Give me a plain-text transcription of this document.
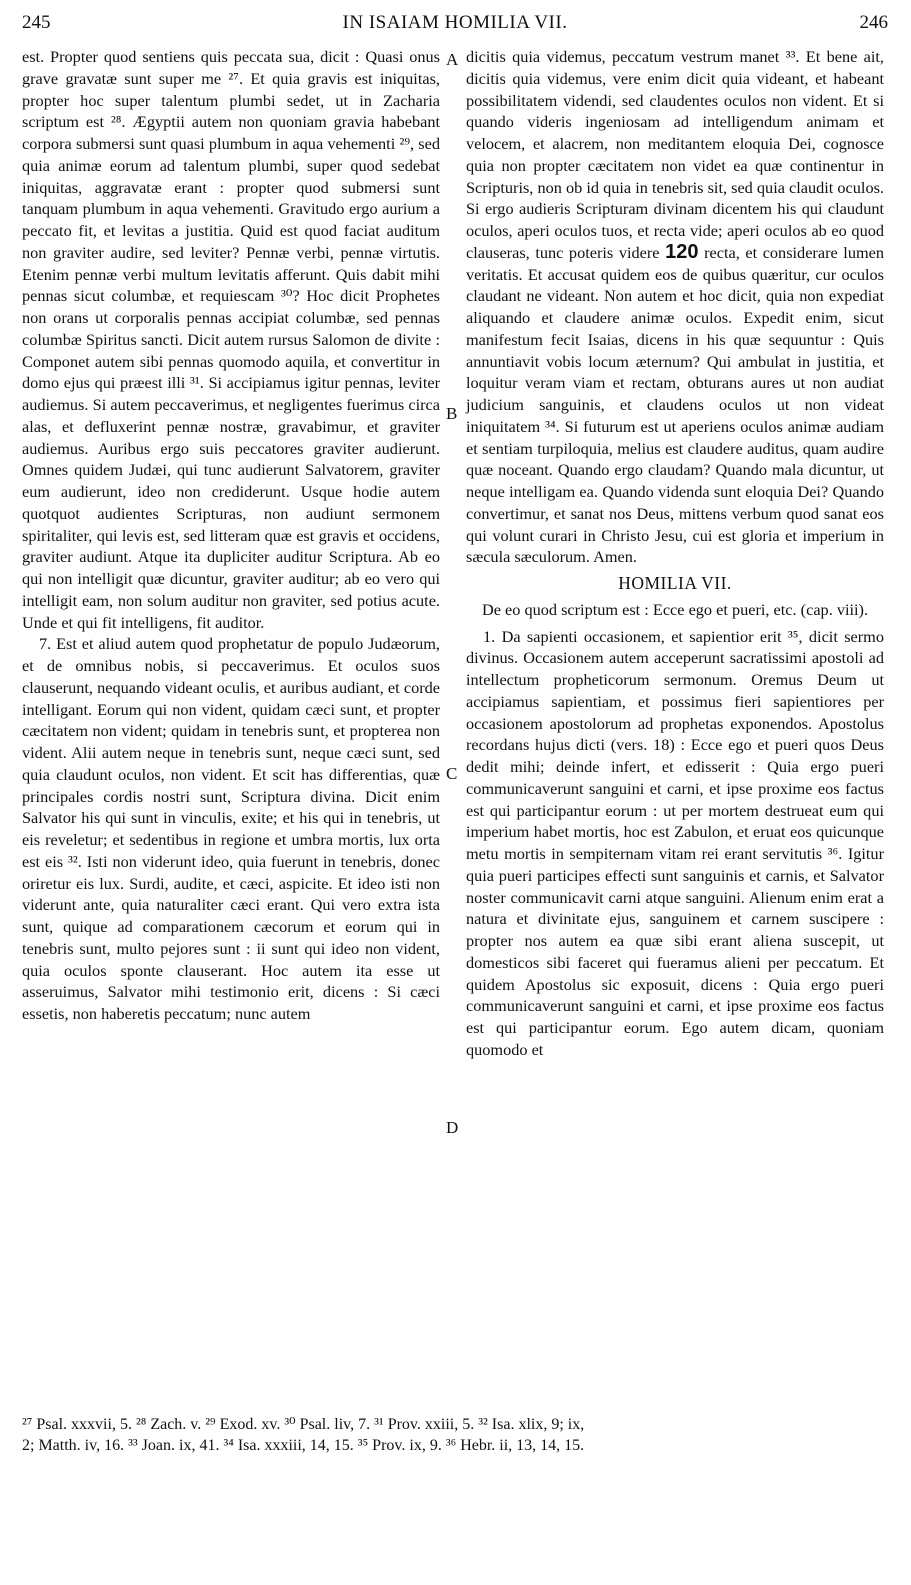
245	IN ISAIAM HOMILIA VII.	246

est. Propter quod sentiens quis peccata sua, dicit : Quasi onus grave gravatæ sunt super me ²⁷. Et quia gravis est iniquitas, propter hoc super talentum plumbi sedet, ut in Zacharia scriptum est ²⁸. Ægyptii autem non quoniam gravia habebant corpora submersi sunt quasi plumbum in aqua vehementi ²⁹, sed quia animæ eorum ad talentum plumbi, super quod sedebat iniquitas, aggravatæ erant : propter quod submersi sunt tanquam plumbum in aqua vehementi. Gravitudo ergo aurium a peccato fit, et levitas a justitia. Quid est quod faciat auditum non graviter audire, sed leviter? Pennæ verbi, pennæ virtutis. Etenim pennæ verbi multum levitatis afferunt. Quis dabit mihi pennas sicut columbæ, et requiescam ³⁰? Hoc dicit Prophetes non orans ut corporalis pennas accipiat columbæ, sed pennas columbæ Spiritus sancti. Dicit autem rursus Salomon de divite : Componet autem sibi pennas quomodo aquila, et convertitur in domo ejus qui præest illi ³¹. Si accipiamus igitur pennas, leviter audiemus. Si autem peccaverimus, et negligentes fuerimus circa alas, et defluxerint pennæ nostræ, gravabimur, et graviter audiemus. Auribus ergo suis peccatores graviter audierunt. Omnes quidem Judæi, qui tunc audierunt Salvatorem, graviter eum audierunt, ideo non crediderunt. Usque hodie autem quotquot audientes Scripturas, non audiunt sermonem spiritaliter, qui levis est, sed litteram quæ est gravis et occidens, graviter audiunt. Atque ita dupliciter auditur Scriptura. Ab eo qui non intelligit quæ dicuntur, graviter auditur; ab eo vero qui intelligit eam, non solum auditur non graviter, sed potius acute. Unde et qui fit intelligens, fit auditor.

7. Est et aliud autem quod prophetatur de populo Judæorum, et de omnibus nobis, si peccaverimus. Et oculos suos clauserunt, nequando videant oculis, et auribus audiant, et corde intelligant. Eorum qui non vident, quidam cæci sunt, et propter cæcitatem non vident; quidam in tenebris sunt, et propterea non vident. Alii autem neque in tenebris sunt, neque cæci sunt, sed quia claudunt oculos, non vident. Et scit has differentias, quæ principales cordis nostri sunt, Scriptura divina. Dicit enim Salvator his qui sunt in vinculis, exite; et his qui in tenebris, ut eis reveletur; et sedentibus in regione et umbra mortis, lux orta est eis ³². Isti non viderunt ideo, quia fuerunt in tenebris, donec oriretur eis lux. Surdi, audite, et cæci, aspicite. Et ideo isti non viderunt ante, quia naturaliter cæci erant. Qui vero extra ista sunt, quique ad comparationem cæcorum et eorum qui in tenebris sunt, multo pejores sunt : ii sunt qui ideo non vident, quia oculos sponte clauserant. Hoc autem ita esse ut asseruimus, Salvator mihi testimonio erit, dicens : Si cæci essetis, non haberetis peccatum; nunc autem

A
B
C
D

dicitis quia videmus, peccatum vestrum manet ³³. Et bene ait, dicitis quia videmus, vere enim dicit quia videant, et habeant possibilitatem videndi, sed claudentes oculos non vident. Et si quando videris ingeniosam ad intelligendum animam et velocem, et alacrem, non meditantem eloquia Dei, cognosce quia non propter cæcitatem non videt ea quæ continentur in Scripturis, non ob id quia in tenebris sit, sed quia claudit oculos. Si ergo audieris Scripturam divinam dicentem his qui claudunt oculos, aperi oculos tuos, et recta vide; aperi oculos ab eo quod clauseras, tunc poteris videre 120 recta, et considerare lumen veritatis. Et accusat quidem eos de quibus quæritur, cur oculos claudant ne videant. Non autem et hoc dicit, quia non expediat aliquando et claudere animæ oculos. Expedit enim, sicut manifestum fecit Isaias, dicens in his quæ sequuntur : Quis annuntiavit vobis locum æternum? Qui ambulat in justitia, et loquitur veram viam et rectam, obturans aures ut non audiat judicium sanguinis, et claudens oculos ut non videat iniquitatem ³⁴. Si futurum est ut aperiens oculos animæ audiam et sentiam turpiloquia, melius est claudere auditus, quam audire quæ noceant. Quando ergo claudam? Quando mala dicuntur, ut neque intelligam ea. Quando videnda sunt eloquia Dei? Quando convertimur, et sanat nos Deus, mittens verbum quod sanat eos qui volunt curari in Christo Jesu, cui est gloria et imperium in sæcula sæculorum. Amen.

HOMILIA VII.

De eo quod scriptum est : Ecce ego et pueri, etc. (cap. viii).

1. Da sapienti occasionem, et sapientior erit ³⁵, dicit sermo divinus. Occasionem autem acceperunt sacratissimi apostoli ad intellectum propheticorum sermonum. Oremus Deum ut accipiamus sapientiam, et possimus fieri sapientiores per occasionem apostolorum ad prophetas exponendos. Apostolus recordans hujus dicti (vers. 18) : Ecce ego et pueri quos Deus dedit mihi; deinde infert, et edisserit : Quia ergo pueri communicaverunt sanguini et carni, et ipse proxime eos factus est qui participantur eorum : ut per mortem destrueat eum qui imperium habet mortis, hoc est Zabulon, et eruat eos quicunque metu mortis in sempiternam vitam rei erant servitutis ³⁶. Igitur quia pueri participes effecti sunt sanguinis et carnis, et Salvator noster communicavit carni atque sanguini. Alienum enim erat a natura et divinitate ejus, sanguinem et carnem suscipere : propter nos autem ea quæ sibi erant aliena suscepit, ut domesticos sibi faceret qui fueramus alieni per peccatum. Et quidem Apostolus sic exposuit, dicens : Quia ergo pueri communicaverunt sanguini et carni, et ipse proxime eos factus est qui participantur eorum. Ego autem dicam, quoniam quomodo et

²⁷ Psal. xxxvii, 5. ²⁸ Zach. v. ²⁹ Exod. xv. ³⁰ Psal. liv, 7. ³¹ Prov. xxiii, 5. ³² Isa. xlix, 9; ix,

2; Matth. iv, 16. ³³ Joan. ix, 41. ³⁴ Isa. xxxiii, 14, 15. ³⁵ Prov. ix, 9. ³⁶ Hebr. ii, 13, 14, 15.
